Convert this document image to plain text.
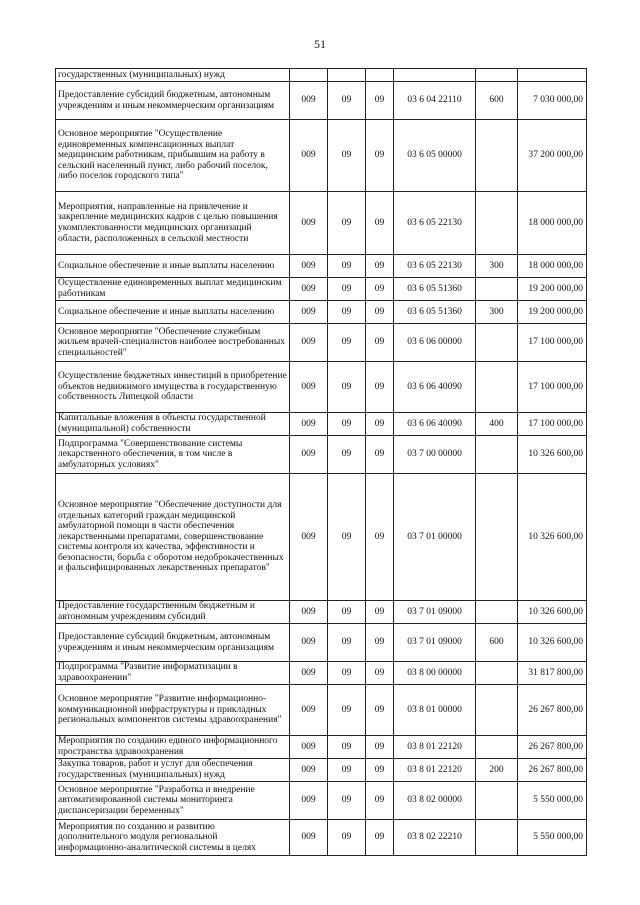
51
государственных (муниципальных) нужд						
Предоставление субсидий бюджетным, автономным учреждениям и иным некоммерческим организациям	009	09	09	03 6 04 22110	600	7 030 000,00
Основное мероприятие "Осуществление единовременных компенсационных выплат медицинским работникам, прибывшим на работу в сельский населенный пункт, либо рабочий поселок, либо поселок городского типа"	009	09	09	03 6 05 00000		37 200 000,00
Мероприятия, направленные на привлечение и закрепление медицинских кадров с целью повышения укомплектованности медицинских организаций области, расположенных в сельской местности	009	09	09	03 6 05 22130		18 000 000,00
Социальное обеспечение и иные выплаты населению	009	09	09	03 6 05 22130	300	18 000 000,00
Осуществление единовременных выплат медицинским работникам	009	09	09	03 6 05 51360		19 200 000,00
Социальное обеспечение и иные выплаты населению	009	09	09	03 6 05 51360	300	19 200 000,00
Основное мероприятие "Обеспечение служебным жильем врачей-специалистов наиболее востребованных специальностей"	009	09	09	03 6 06 00000		17 100 000,00
Осуществление бюджетных инвестиций в приобретение объектов недвижимого имущества в государственную собственность Липецкой области	009	09	09	03 6 06 40090		17 100 000,00
Капитальные вложения в объекты государственной (муниципальной) собственности	009	09	09	03 6 06 40090	400	17 100 000,00
Подпрограмма "Совершенствование системы лекарственного обеспечения, в том числе в амбулаторных условиях"	009	09	09	03 7 00 00000		10 326 600,00
Основное мероприятие "Обеспечение доступности для отдельных категорий граждан медицинской амбулаторной помощи в части обеспечения лекарственными препаратами, совершенствование системы контроля их качества, эффективности и безопасности, борьба с оборотом недоброкачественных и фальсифицированных лекарственных препаратов"	009	09	09	03 7 01 00000		10 326 600,00
Предоставление государственным бюджетным и автономным учреждениям субсидий	009	09	09	03 7 01 09000		10 326 600,00
Предоставление субсидий бюджетным, автономным учреждениям и иным некоммерческим организациям	009	09	09	03 7 01 09000	600	10 326 600,00
Подпрограмма "Развитие информатизации в здравоохранении"	009	09	09	03 8 00 00000		31 817 800,00
Основное мероприятие "Развитие информационно-коммуникационной инфраструктуры и прикладных региональных компонентов системы здравоохранения"	009	09	09	03 8 01 00000		26 267 800,00
Мероприятия по созданию единого информационного пространства здравоохранения	009	09	09	03 8 01 22120		26 267 800,00
Закупка товаров, работ и услуг для обеспечения государственных (муниципальных) нужд	009	09	09	03 8 01 22120	200	26 267 800,00
Основное мероприятие "Разработка и внедрение автоматизированной системы мониторинга диспансеризации беременных"	009	09	09	03 8 02 00000		5 550 000,00
Мероприятия по созданию и развитию дополнительного модуля региональной информационно-аналитической системы в целях	009	09	09	03 8 02 22210		5 550 000,00
